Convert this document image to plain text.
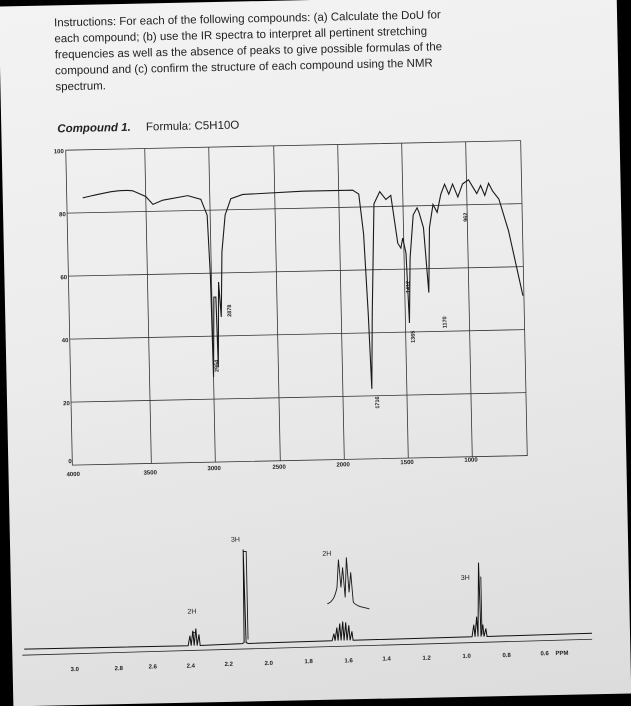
Instructions: For each of the following compounds: (a) Calculate the DoU for
each compound; (b) use the IR spectra to interpret all pertinent stretching
frequencies as well as the absence of peaks to give possible formulas of the
compound and (c) confirm the structure of each compound using the NMR
spectrum.
Compound 1. Formula: C5H10O
100
80
60
40
20
0
4000	3500
3000	2500	2000	1500	1000
2964
2878
1716
1412
1365
1170
962
3H
2H
3H
2H
3.0	2.8	2.6	2.4	2.2	2.0	1.8	1.6	1.4	1.2	1.0	0.8	0.6 PPM
